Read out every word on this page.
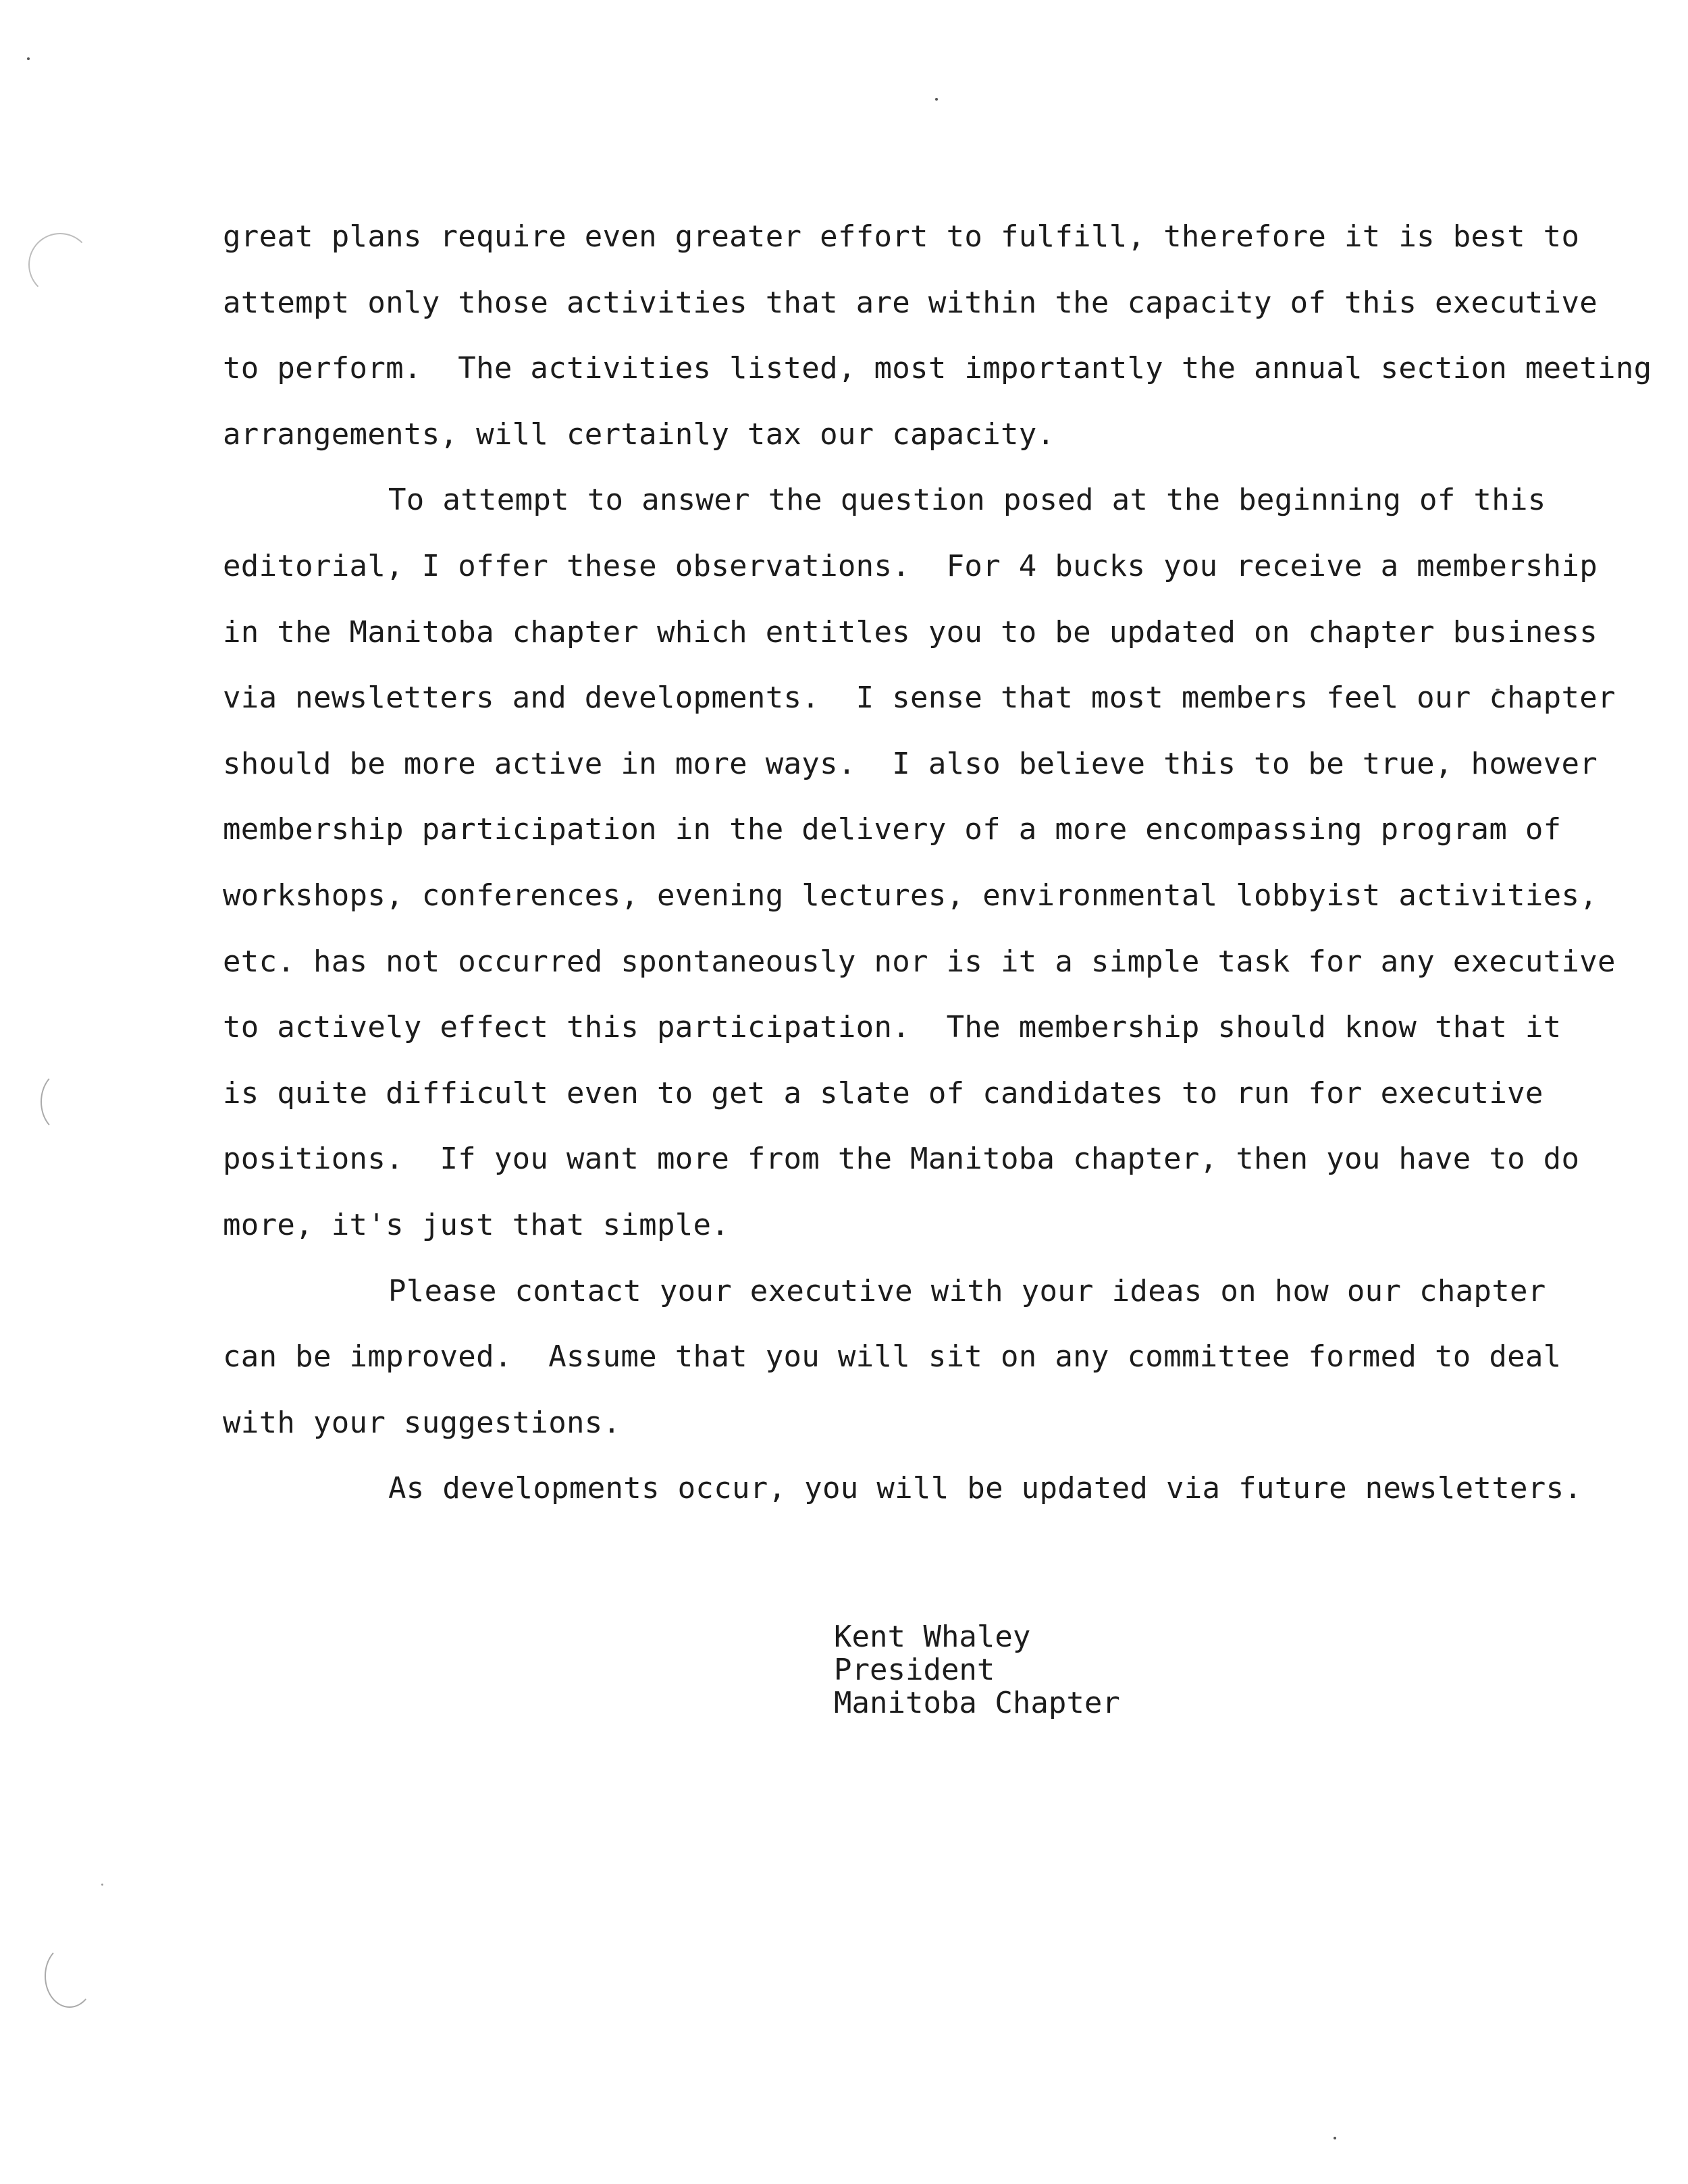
great plans require even greater effort to fulfill, therefore it is best to
attempt only those activities that are within the capacity of this executive
to perform.  The activities listed, most importantly the annual section meeting
arrangements, will certainly tax our capacity.
To attempt to answer the question posed at the beginning of this
editorial, I offer these observations.  For 4 bucks you receive a membership
in the Manitoba chapter which entitles you to be updated on chapter business
via newsletters and developments.  I sense that most members feel our chapter
should be more active in more ways.  I also believe this to be true, however
membership participation in the delivery of a more encompassing program of
workshops, conferences, evening lectures, environmental lobbyist activities,
etc. has not occurred spontaneously nor is it a simple task for any executive
to actively effect this participation.  The membership should know that it
is quite difficult even to get a slate of candidates to run for executive
positions.  If you want more from the Manitoba chapter, then you have to do
more, it's just that simple.
Please contact your executive with your ideas on how our chapter
can be improved.  Assume that you will sit on any committee formed to deal
with your suggestions.
As developments occur, you will be updated via future newsletters.
Kent Whaley
President
Manitoba Chapter
